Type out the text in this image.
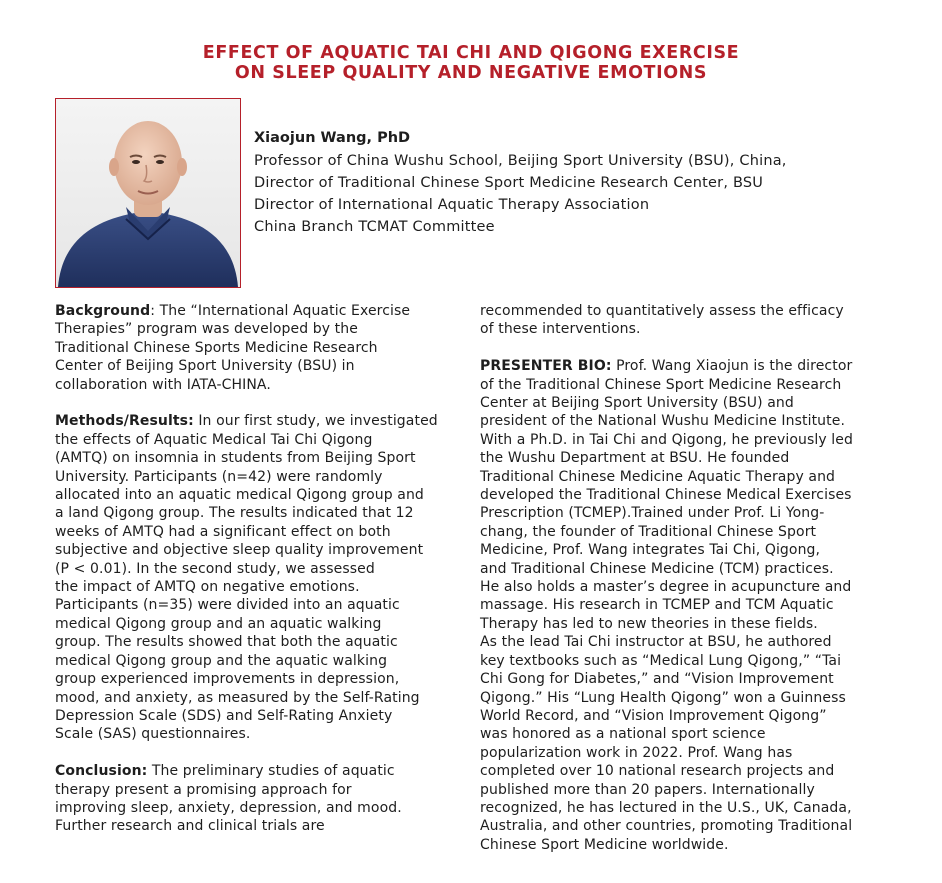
EFFECT OF AQUATIC TAI CHI AND QIGONG EXERCISE
ON SLEEP QUALITY AND NEGATIVE EMOTIONS
Xiaojun Wang, PhD
Professor of China Wushu School, Beijing Sport University (BSU), China,
Director of Traditional Chinese Sport Medicine Research Center, BSU
Director of International Aquatic Therapy Association
China Branch TCMAT Committee

Background: The “International Aquatic Exercise
Therapies” program was developed by the
Traditional Chinese Sports Medicine Research
Center of Beijing Sport University (BSU) in
collaboration with IATA-CHINA.

Methods/Results: In our first study, we investigated
the effects of Aquatic Medical Tai Chi Qigong
(AMTQ) on insomnia in students from Beijing Sport
University. Participants (n=42) were randomly
allocated into an aquatic medical Qigong group and
a land Qigong group. The results indicated that 12
weeks of AMTQ had a significant effect on both
subjective and objective sleep quality improvement
(P < 0.01). In the second study, we assessed
the impact of AMTQ on negative emotions.
Participants (n=35) were divided into an aquatic
medical Qigong group and an aquatic walking
group. The results showed that both the aquatic
medical Qigong group and the aquatic walking
group experienced improvements in depression,
mood, and anxiety, as measured by the Self-Rating
Depression Scale (SDS) and Self-Rating Anxiety
Scale (SAS) questionnaires.

Conclusion: The preliminary studies of aquatic
therapy present a promising approach for
improving sleep, anxiety, depression, and mood.
Further research and clinical trials are

recommended to quantitatively assess the efficacy
of these interventions.

PRESENTER BIO: Prof. Wang Xiaojun is the director
of the Traditional Chinese Sport Medicine Research
Center at Beijing Sport University (BSU) and
president of the National Wushu Medicine Institute.
With a Ph.D. in Tai Chi and Qigong, he previously led
the Wushu Department at BSU. He founded
Traditional Chinese Medicine Aquatic Therapy and
developed the Traditional Chinese Medical Exercises
Prescription (TCMEP).Trained under Prof. Li Yong-
chang, the founder of Traditional Chinese Sport
Medicine, Prof. Wang integrates Tai Chi, Qigong,
and Traditional Chinese Medicine (TCM) practices.
He also holds a master’s degree in acupuncture and
massage. His research in TCMEP and TCM Aquatic
Therapy has led to new theories in these fields.
As the lead Tai Chi instructor at BSU, he authored
key textbooks such as “Medical Lung Qigong,” “Tai
Chi Gong for Diabetes,” and “Vision Improvement
Qigong.” His “Lung Health Qigong” won a Guinness
World Record, and “Vision Improvement Qigong”
was honored as a national sport science
popularization work in 2022. Prof. Wang has
completed over 10 national research projects and
published more than 20 papers. Internationally
recognized, he has lectured in the U.S., UK, Canada,
Australia, and other countries, promoting Traditional
Chinese Sport Medicine worldwide.
